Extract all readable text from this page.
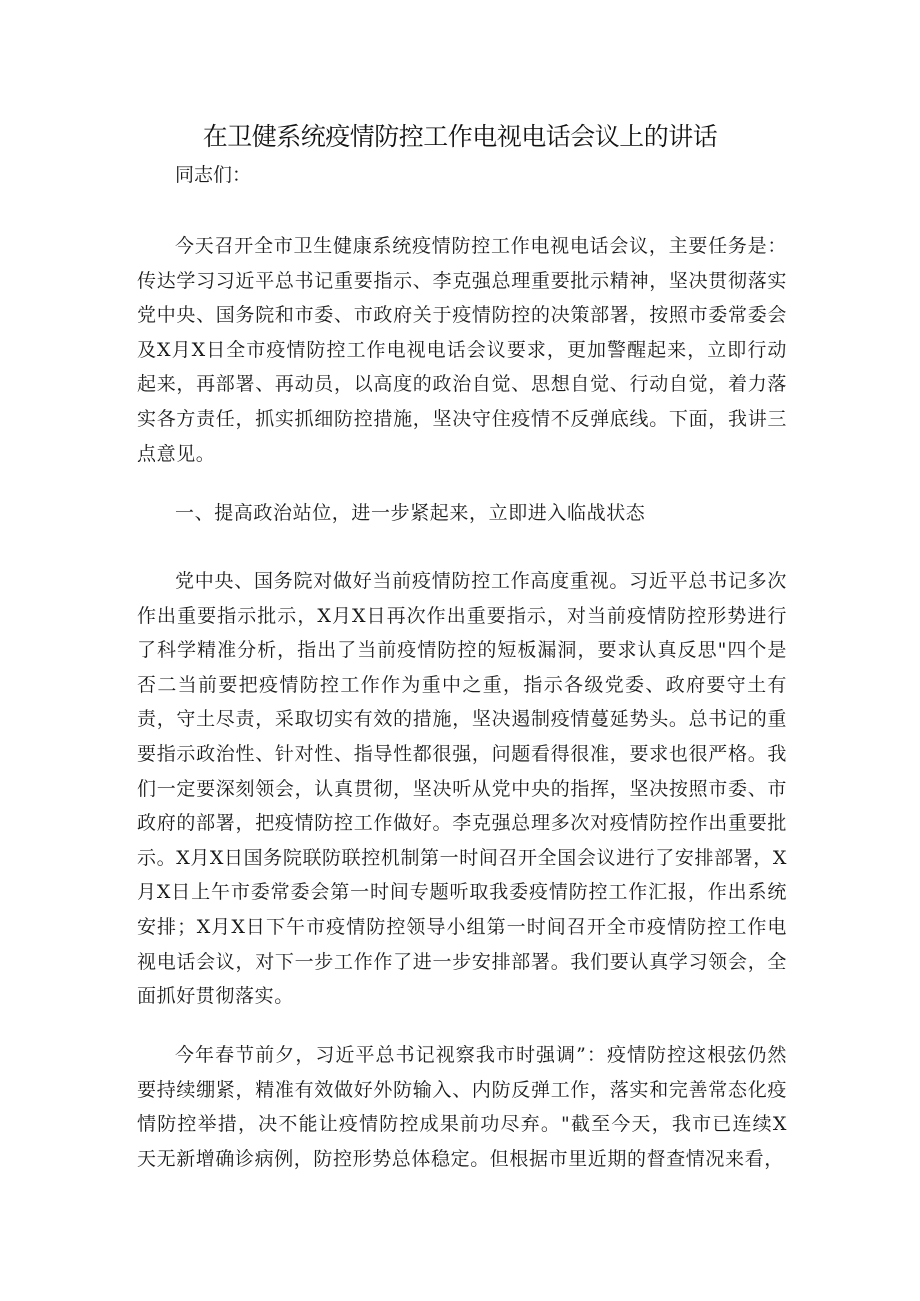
在卫健系统疫情防控工作电视电话会议上的讲话

同志们：

今天召开全市卫生健康系统疫情防控工作电视电话会议，主要任务是：传达学习习近平总书记重要指示、李克强总理重要批示精神，坚决贯彻落实党中央、国务院和市委、市政府关于疫情防控的决策部署，按照市委常委会及X月X日全市疫情防控工作电视电话会议要求，更加警醒起来，立即行动起来，再部署、再动员，以高度的政治自觉、思想自觉、行动自觉，着力落实各方责任，抓实抓细防控措施，坚决守住疫情不反弹底线。下面，我讲三点意见。

一、提高政治站位，进一步紧起来，立即进入临战状态

党中央、国务院对做好当前疫情防控工作高度重视。习近平总书记多次作出重要指示批示，X月X日再次作出重要指示，对当前疫情防控形势进行了科学精准分析，指出了当前疫情防控的短板漏洞，要求认真反思"四个是否二当前要把疫情防控工作作为重中之重，指示各级党委、政府要守土有责，守土尽责，采取切实有效的措施，坚决遏制疫情蔓延势头。总书记的重要指示政治性、针对性、指导性都很强，问题看得很准，要求也很严格。我们一定要深刻领会，认真贯彻，坚决听从党中央的指挥，坚决按照市委、市政府的部署，把疫情防控工作做好。李克强总理多次对疫情防控作出重要批示。X月X日国务院联防联控机制第一时间召开全国会议进行了安排部署，X月X日上午市委常委会第一时间专题听取我委疫情防控工作汇报，作出系统安排；X月X日下午市疫情防控领导小组第一时间召开全市疫情防控工作电视电话会议，对下一步工作作了进一步安排部署。我们要认真学习领会，全面抓好贯彻落实。

今年春节前夕，习近平总书记视察我市时强调”：疫情防控这根弦仍然要持续绷紧，精准有效做好外防输入、内防反弹工作，落实和完善常态化疫情防控举措，决不能让疫情防控成果前功尽弃。"截至今天，我市已连续X天无新增确诊病例，防控形势总体稳定。但根据市里近期的督查情况来看，
